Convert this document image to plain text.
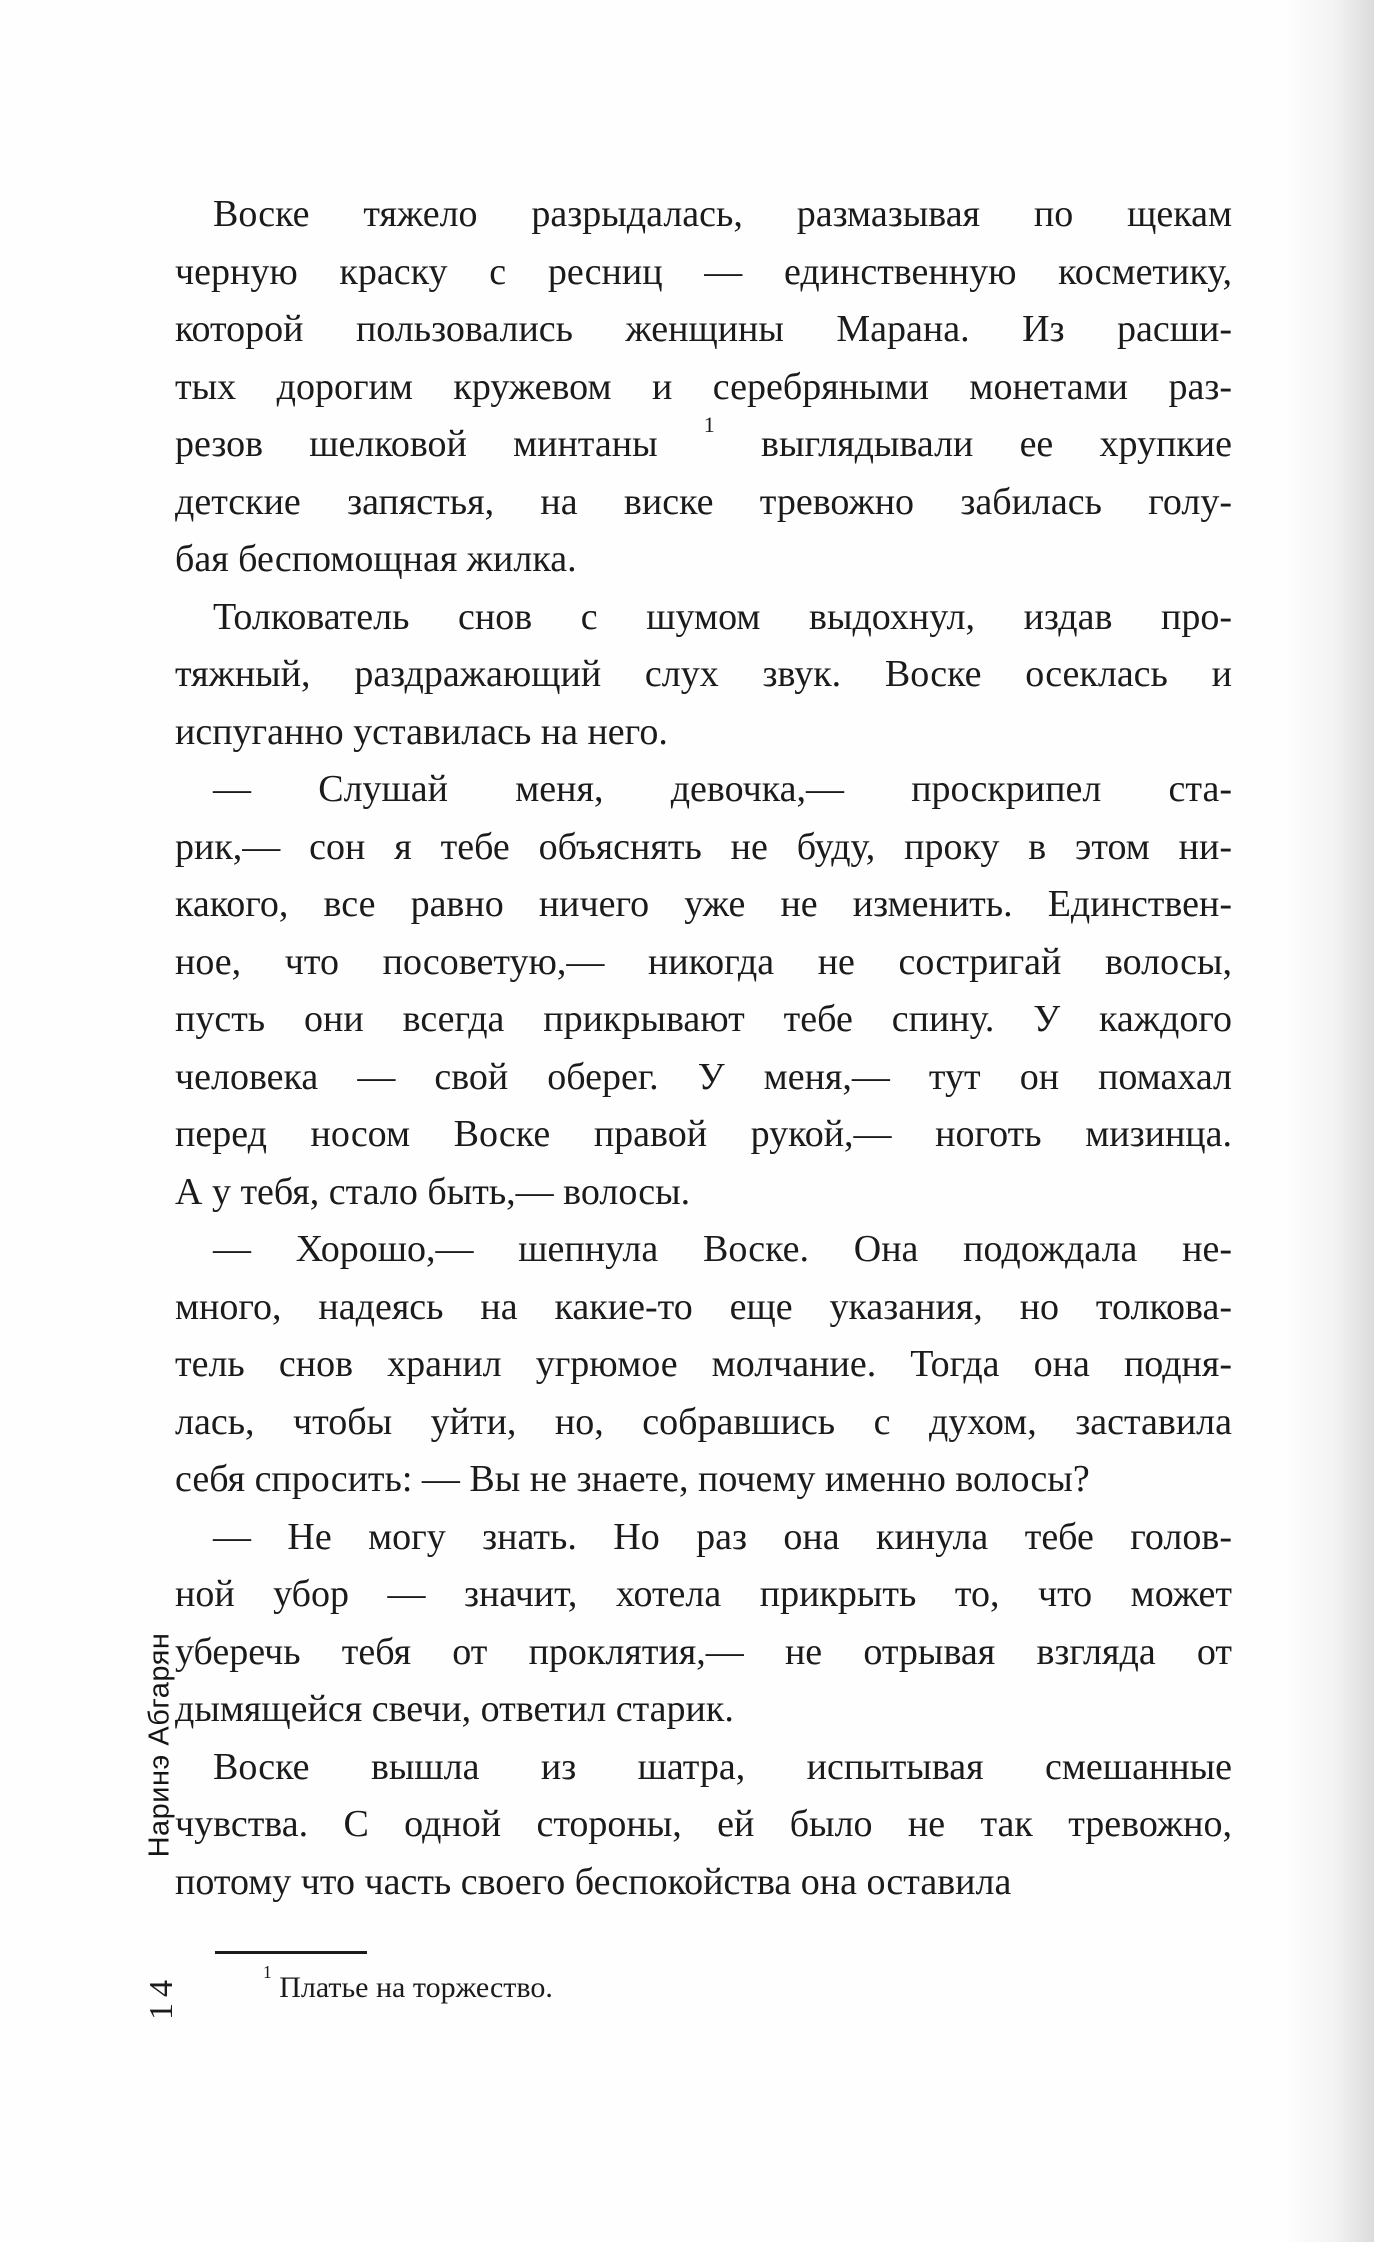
Наринэ Абгарян
14
Воске тяжело разрыдалась, размазывая по щекам
черную краску с ресниц — единственную косметику,
которой пользовались женщины Марана. Из расши-
тых дорогим кружевом и серебряными монетами раз-
резов шелковой минтаны $^1$ выглядывали ее хрупкие
детские запястья, на виске тревожно забилась голу-
бая беспомощная жилка.
Толкователь снов с шумом выдохнул, издав про-
тяжный, раздражающий слух звук. Воске осеклась и
испуганно уставилась на него.
— Слушай меня, девочка,— проскрипел ста-
рик,— сон я тебе объяснять не буду, проку в этом ни-
какого, все равно ничего уже не изменить. Единствен-
ное, что посоветую,— никогда не состригай волосы,
пусть они всегда прикрывают тебе спину. У каждого
человека — свой оберег. У меня,— тут он помахал
перед носом Воске правой рукой,— ноготь мизинца.
А у тебя, стало быть,— волосы.
— Хорошо,— шепнула Воске. Она подождала не-
много, надеясь на какие-то еще указания, но толкова-
тель снов хранил угрюмое молчание. Тогда она подня-
лась, чтобы уйти, но, собравшись с духом, заставила
себя спросить: — Вы не знаете, почему именно волосы?
— Не могу знать. Но раз она кинула тебе голов-
ной убор — значит, хотела прикрыть то, что может
уберечь тебя от проклятия,— не отрывая взгляда от
дымящейся свечи, ответил старик.
Воске вышла из шатра, испытывая смешанные
чувства. С одной стороны, ей было не так тревожно,
потому что часть своего беспокойства она оставила
$^1$ Платье на торжество.
